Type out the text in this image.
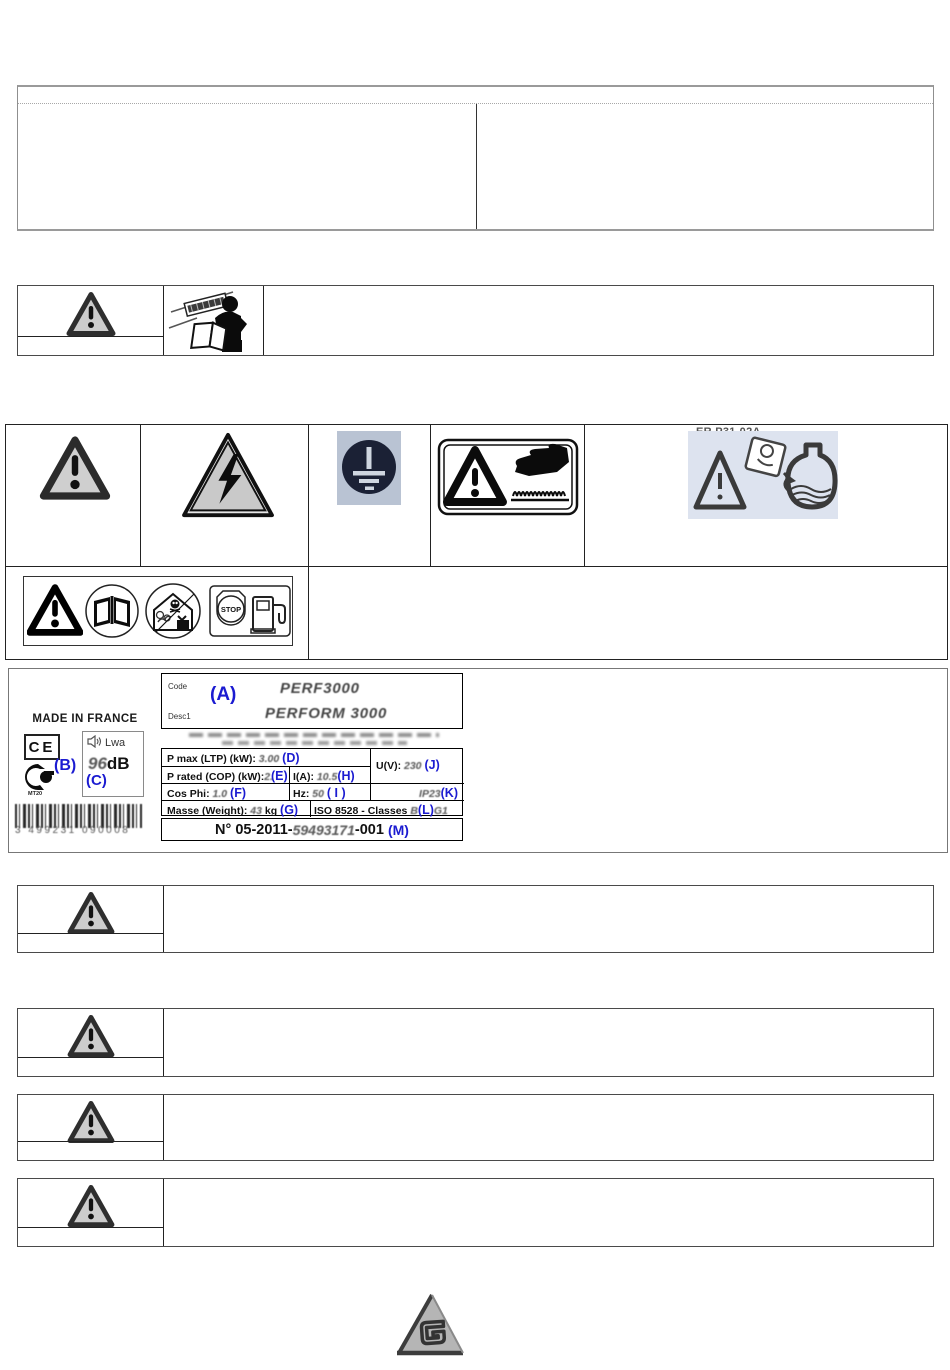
STOP
MADE IN FRANCE
CE
P
MT20
(B)
Lwa
96dB
(C)
3 499231 090008
Code
Desc1
(A)	PERF3000
PERFORM 3000
P max (LTP) (kW): 3.00 (D)
U(V): 230 (J)
P rated (COP) (kW):2.(E) I(A): 10.5(H)
Cos Phi: 1.0 (F)	Hz: 50 ( I )	IP23(K)
Masse (Weight): 43 kg (G) ISO 8528 - Classes B(L)G1
N° 05-2011- 59493171 -001
(M)
